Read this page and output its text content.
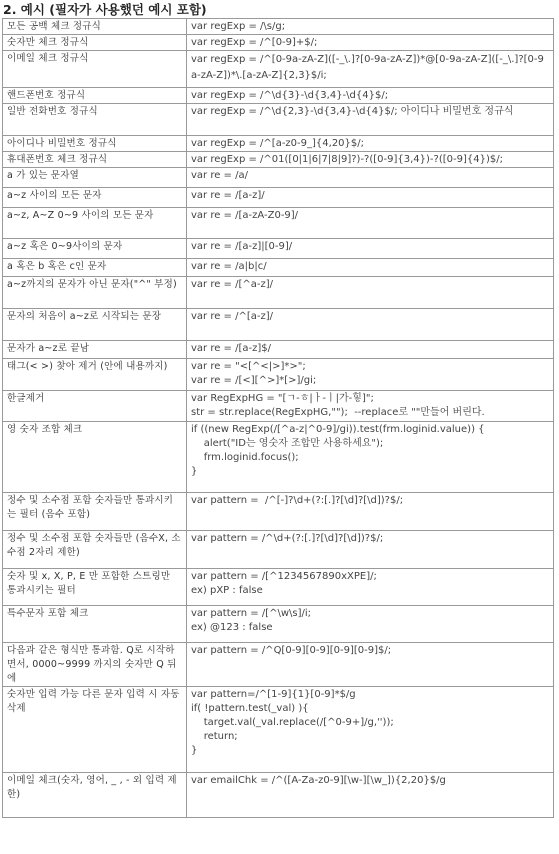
2. 예시 (필자가 사용했던 예시 포함)
모든 공백 체크 정규식	var regExp = /\s/g;

숫자만 체크 정규식	var regExp = /^[0-9]+$/;

이메일 체크 정규식	var regExp = /^[0-9a-zA-Z]([-_\.]?[0-9a-zA-Z])*@[0-9a-zA-Z]([-_\.]?[0-9a-zA-Z])*\.[a-zA-Z]{2,3}$/i;

핸드폰번호 정규식	var regExp = /^\d{3}-\d{3,4}-\d{4}$/;

일반 전화번호 정규식	var regExp = /^\d{2,3}-\d{3,4}-\d{4}$/; 아이디나 비밀번호 정규식

아이디나 비밀번호 정규식	var regExp = /^[a-z0-9_]{4,20}$/;

휴대폰번호 체크 정규식	var regExp = /^01([0|1|6|7|8|9]?)-?([0-9]{3,4})-?([0-9]{4})$/;

a 가 있는 문자열	var re = /a/

a~z 사이의 모든 문자	var re = /[a-z]/

a~z, A~Z 0~9 사이의 모든 문자	var re = /[a-zA-Z0-9]/

a~z 혹은 0~9사이의 문자	var re = /[a-z]|[0-9]/

a 혹은 b 혹은 c인 문자	var re = /a|b|c/

a~z까지의 문자가 아닌 문자("^" 부정)	var re = /[^a-z]/

문자의 처음이 a~z로 시작되는 문장	var re = /^[a-z]/

문자가 a~z로 끝남	var re = /[a-z]$/

태그(< >) 찾아 제거 (안에 내용까지)	var re = "<[^<|>]*>";
var re = /[<][^>]*[>]/gi;

한글제거	var RegExpHG = "[ㄱ-ㅎ|ㅏ-ㅣ|가-힣]";
str = str.replace(RegExpHG,"");  --replace로 ""만들어 버린다.

영 숫자 조합 체크	if ((new RegExp(/[^a-z|^0-9]/gi)).test(frm.loginid.value)) {
alert("ID는 영숫자 조합만 사용하세요");
frm.loginid.focus();
}

정수 및 소수점 포함 숫자들만 통과시키는 필터 (음수 포함)	var pattern =  /^[-]?\d+(?:[.]?[\d]?[\d])?$/;

정수 및 소수점 포함 숫자들만 (음수X, 소수점 2자리 제한)	var pattern = /^\d+(?:[.]?[\d]?[\d])?$/;

숫자 및 x, X, P, E 만 포함한 스트링만 통과시키는 필터	var pattern = /[^1234567890xXPE]/;
ex) pXP : false

특수문자 포함 체크	var pattern = /[^\w\s]/i;
ex) @123 : false

다음과 같은 형식만 통과함. Q로 시작하면서, 0000~9999 까지의 숫자만 Q 뒤에	var pattern = /^Q[0-9][0-9][0-9][0-9]$/;

숫자만 입력 가능 다른 문자 입력 시 자동 삭제	var pattern=/^[1-9]{1}[0-9]*$/g
if( !pattern.test(_val) ){
target.val(_val.replace(/[^0-9+]/g,''));
return;
}

이메일 체크(숫자, 영어, _ , - 외 입력 제한)	var emailChk = /^([A-Za-z0-9][\w-][\w_]){2,20}$/g
